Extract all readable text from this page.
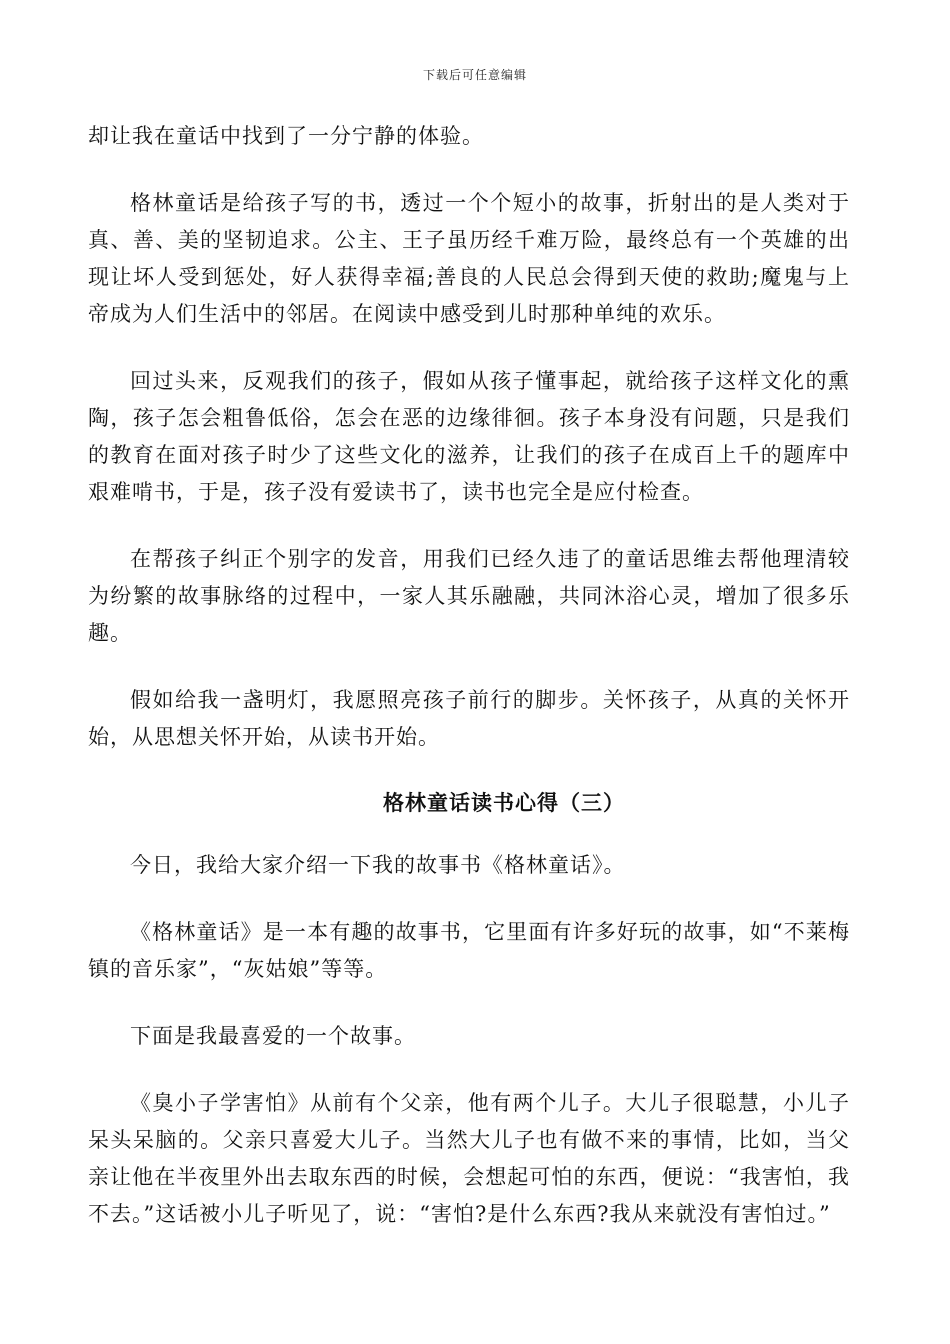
下载后可任意编辑

却让我在童话中找到了一分宁静的体验。

格林童话是给孩子写的书，透过一个个短小的故事，折射出的是人类对于真、善、美的坚韧追求。公主、王子虽历经千难万险，最终总有一个英雄的出现让坏人受到惩处，好人获得幸福;善良的人民总会得到天使的救助;魔鬼与上帝成为人们生活中的邻居。在阅读中感受到儿时那种单纯的欢乐。

回过头来，反观我们的孩子，假如从孩子懂事起，就给孩子这样文化的熏陶，孩子怎会粗鲁低俗，怎会在恶的边缘徘徊。孩子本身没有问题，只是我们的教育在面对孩子时少了这些文化的滋养，让我们的孩子在成百上千的题库中艰难啃书，于是，孩子没有爱读书了，读书也完全是应付检查。

在帮孩子纠正个别字的发音，用我们已经久违了的童话思维去帮他理清较为纷繁的故事脉络的过程中，一家人其乐融融，共同沐浴心灵，增加了很多乐趣。

假如给我一盏明灯，我愿照亮孩子前行的脚步。关怀孩子，从真的关怀开始，从思想关怀开始，从读书开始。

格林童话读书心得（三）

今日，我给大家介绍一下我的故事书《格林童话》。

《格林童话》是一本有趣的故事书，它里面有许多好玩的故事，如“不莱梅镇的音乐家”，“灰姑娘”等等。

下面是我最喜爱的一个故事。

《臭小子学害怕》从前有个父亲，他有两个儿子。大儿子很聪慧，小儿子呆头呆脑的。父亲只喜爱大儿子。当然大儿子也有做不来的事情，比如，当父亲让他在半夜里外出去取东西的时候，会想起可怕的东西，便说：“我害怕，我不去。”这话被小儿子听见了，说：“害怕?是什么东西?我从来就没有害怕过。”
